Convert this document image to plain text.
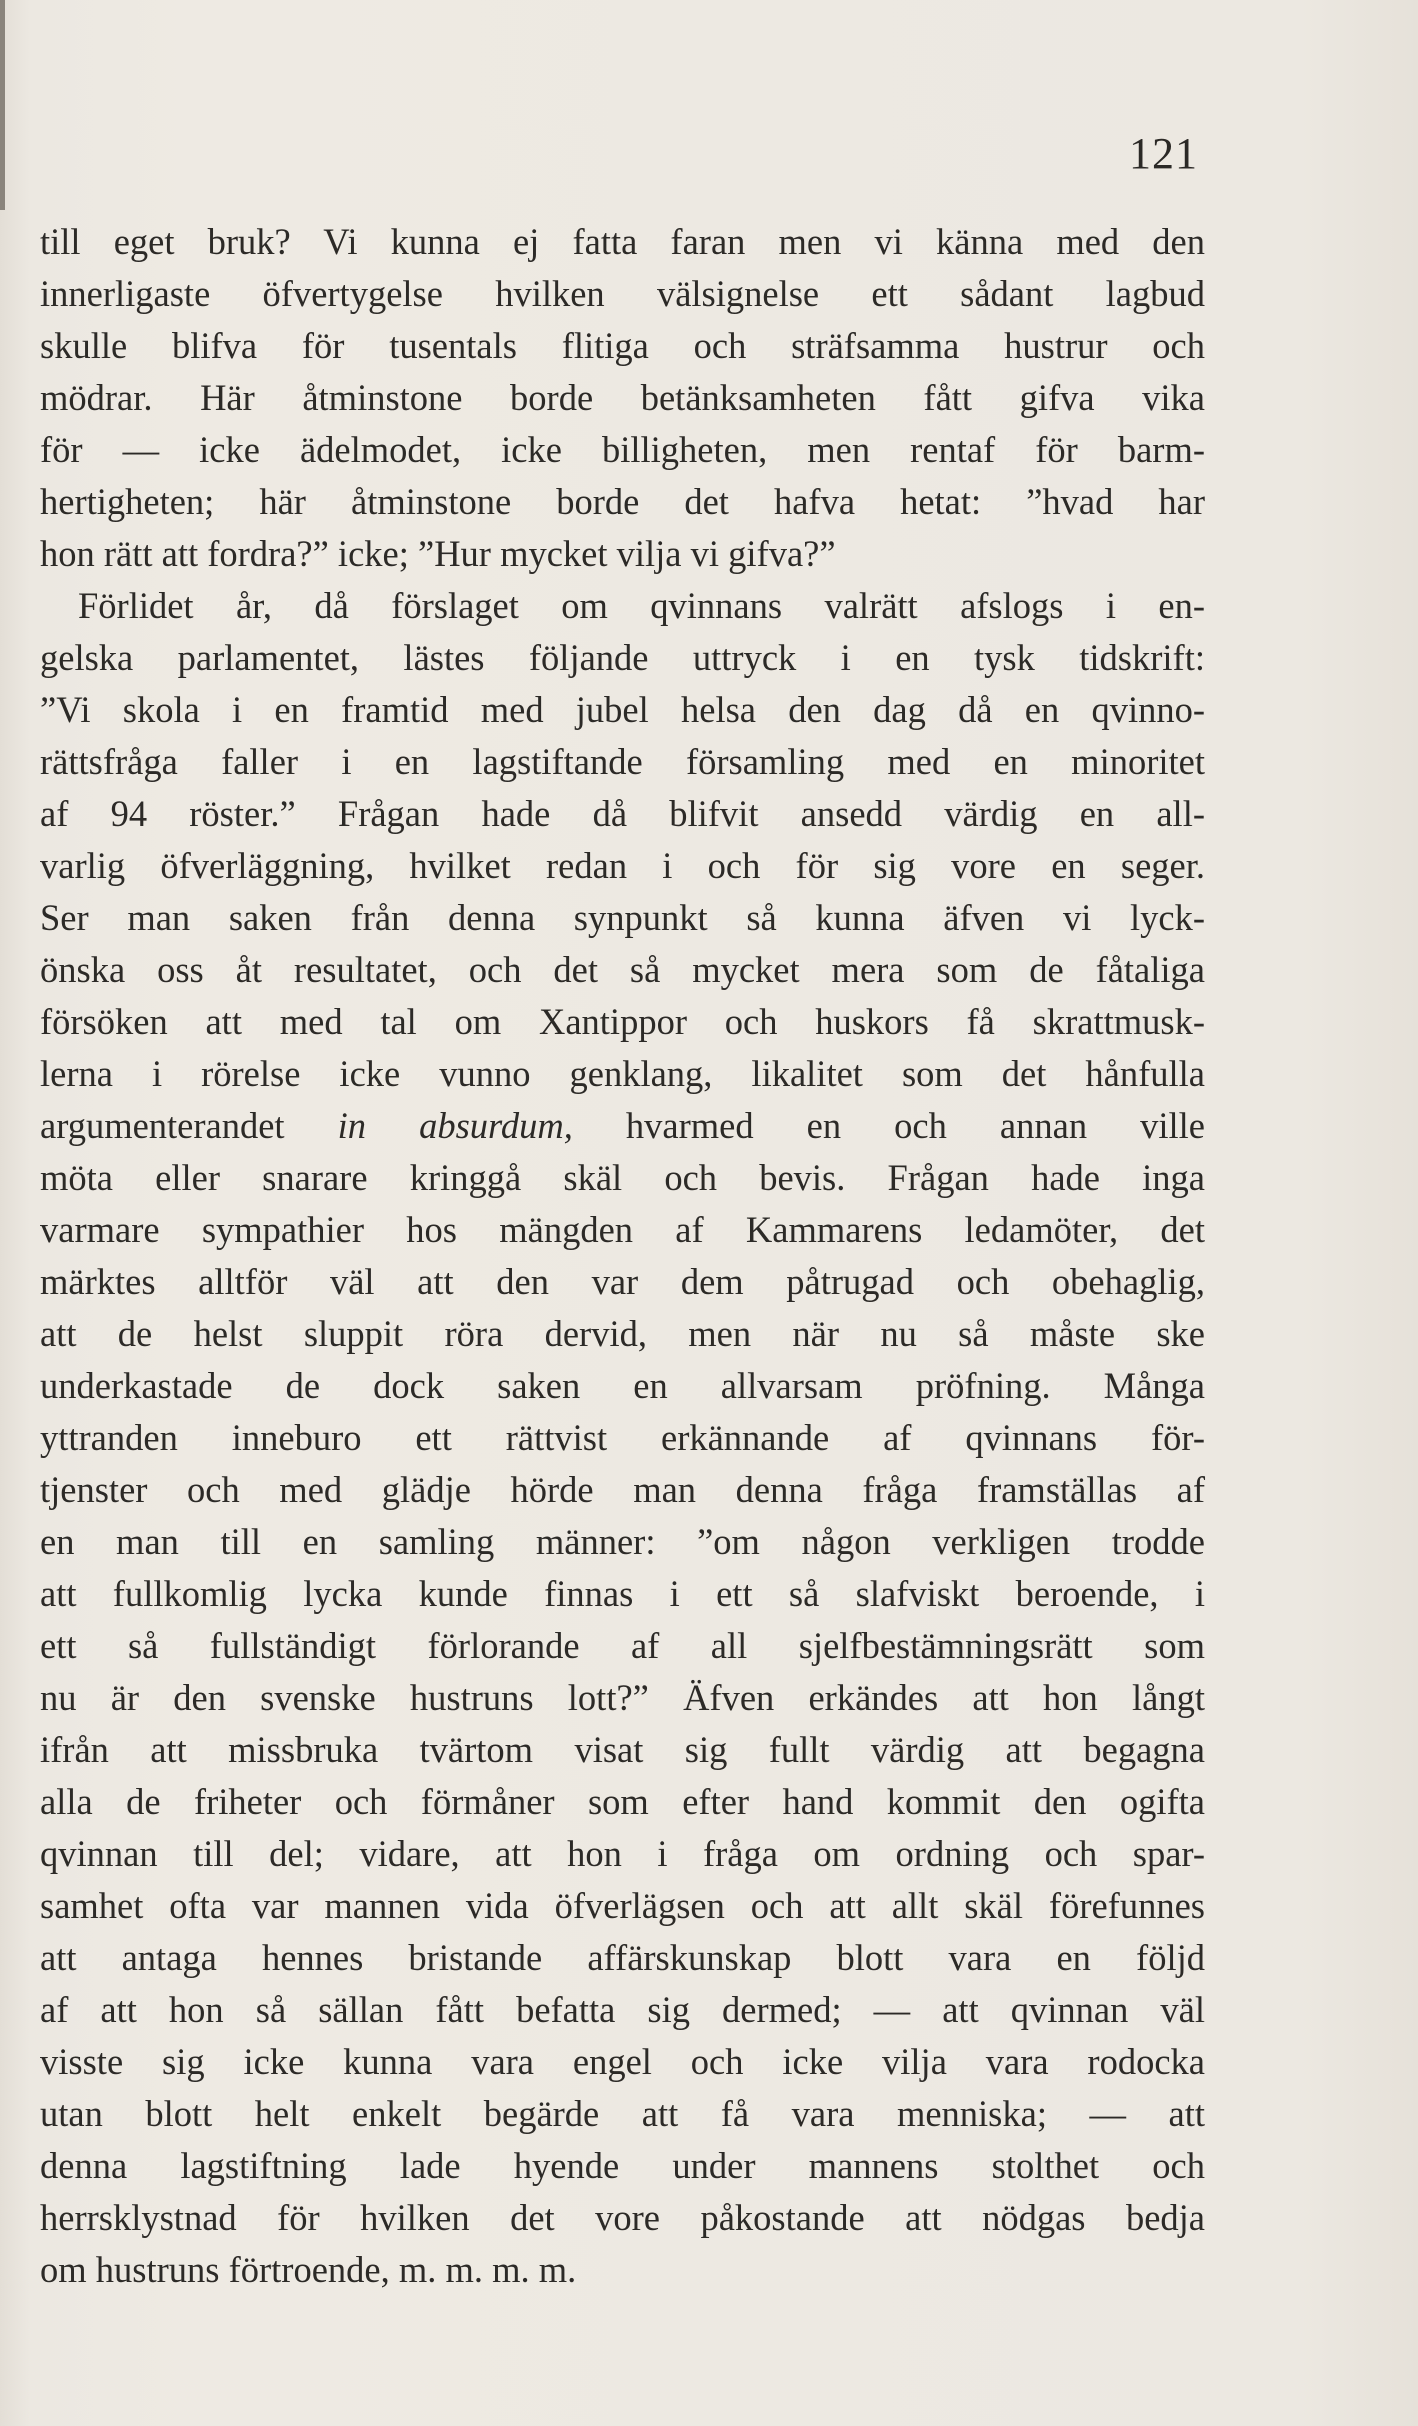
121
till eget bruk? Vi kunna ej fatta faran men vi känna med den
innerligaste öfvertygelse hvilken välsignelse ett sådant lagbud
skulle blifva för tusentals flitiga och sträfsamma hustrur och
mödrar. Här åtminstone borde betänksamheten fått gifva vika
för — icke ädelmodet, icke billigheten, men rentaf för barm-
hertigheten; här åtminstone borde det hafva hetat: ”hvad har
hon rätt att fordra?” icke; ”Hur mycket vilja vi gifva?”
Förlidet år, då förslaget om qvinnans valrätt afslogs i en-
gelska parlamentet, lästes följande uttryck i en tysk tidskrift:
”Vi skola i en framtid med jubel helsa den dag då en qvinno-
rättsfråga faller i en lagstiftande församling med en minoritet
af 94 röster.” Frågan hade då blifvit ansedd värdig en all-
varlig öfverläggning, hvilket redan i och för sig vore en seger.
Ser man saken från denna synpunkt så kunna äfven vi lyck-
önska oss åt resultatet, och det så mycket mera som de fåtaliga
försöken att med tal om Xantippor och huskors få skrattmusk-
lerna i rörelse icke vunno genklang, likalitet som det hånfulla
argumenterandet in absurdum, hvarmed en och annan ville
möta eller snarare kringgå skäl och bevis. Frågan hade inga
varmare sympathier hos mängden af Kammarens ledamöter, det
märktes alltför väl att den var dem påtrugad och obehaglig,
att de helst sluppit röra dervid, men när nu så måste ske
underkastade de dock saken en allvarsam pröfning. Många
yttranden inneburo ett rättvist erkännande af qvinnans för-
tjenster och med glädje hörde man denna fråga framställas af
en man till en samling männer: ”om någon verkligen trodde
att fullkomlig lycka kunde finnas i ett så slafviskt beroende, i
ett så fullständigt förlorande af all sjelfbestämningsrätt som
nu är den svenske hustruns lott?” Äfven erkändes att hon långt
ifrån att missbruka tvärtom visat sig fullt värdig att begagna
alla de friheter och förmåner som efter hand kommit den ogifta
qvinnan till del; vidare, att hon i fråga om ordning och spar-
samhet ofta var mannen vida öfverlägsen och att allt skäl förefunnes
att antaga hennes bristande affärskunskap blott vara en följd
af att hon så sällan fått befatta sig dermed; — att qvinnan väl
visste sig icke kunna vara engel och icke vilja vara rodocka
utan blott helt enkelt begärde att få vara menniska; — att
denna lagstiftning lade hyende under mannens stolthet och
herrsklystnad för hvilken det vore påkostande att nödgas bedja
om hustruns förtroende, m. m. m. m.
